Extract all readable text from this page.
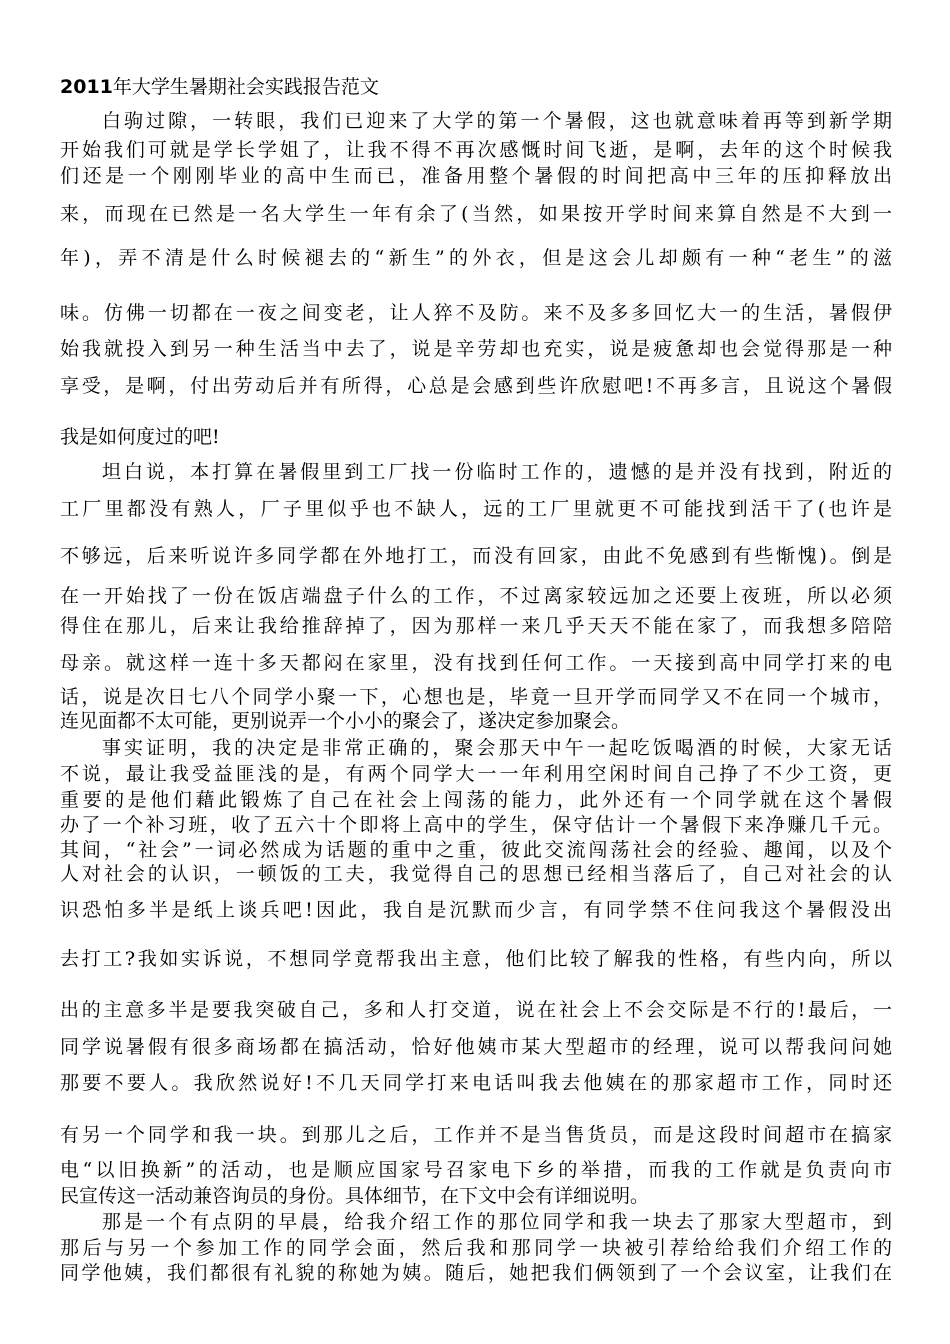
2011年大学生暑期社会实践报告范文
白驹过隙，一转眼，我们已迎来了大学的第一个暑假，这也就意味着再等到新学期
开始我们可就是学长学姐了，让我不得不再次感慨时间飞逝，是啊，去年的这个时候我
们还是一个刚刚毕业的高中生而已，准备用整个暑假的时间把高中三年的压抑释放出
来，而现在已然是一名大学生一年有余了(当然，如果按开学时间来算自然是不大到一
年)，弄不清是什么时候褪去的“新生”的外衣，但是这会儿却颇有一种“老生”的滋
味。仿佛一切都在一夜之间变老，让人猝不及防。来不及多多回忆大一的生活，暑假伊
始我就投入到另一种生活当中去了，说是辛劳却也充实，说是疲惫却也会觉得那是一种
享受，是啊，付出劳动后并有所得，心总是会感到些许欣慰吧!不再多言，且说这个暑假
我是如何度过的吧!
坦白说，本打算在暑假里到工厂找一份临时工作的，遗憾的是并没有找到，附近的
工厂里都没有熟人，厂子里似乎也不缺人，远的工厂里就更不可能找到活干了(也许是
不够远，后来听说许多同学都在外地打工，而没有回家，由此不免感到有些惭愧)。倒是
在一开始找了一份在饭店端盘子什么的工作，不过离家较远加之还要上夜班，所以必须
得住在那儿，后来让我给推辞掉了，因为那样一来几乎天天不能在家了，而我想多陪陪
母亲。就这样一连十多天都闷在家里，没有找到任何工作。一天接到高中同学打来的电
话，说是次日七八个同学小聚一下，心想也是，毕竟一旦开学而同学又不在同一个城市，
连见面都不太可能，更别说弄一个小小的聚会了，遂决定参加聚会。
事实证明，我的决定是非常正确的，聚会那天中午一起吃饭喝酒的时候，大家无话
不说，最让我受益匪浅的是，有两个同学大一一年利用空闲时间自己挣了不少工资，更
重要的是他们藉此锻炼了自己在社会上闯荡的能力，此外还有一个同学就在这个暑假
办了一个补习班，收了五六十个即将上高中的学生，保守估计一个暑假下来净赚几千元。
其间，“社会”一词必然成为话题的重中之重，彼此交流闯荡社会的经验、趣闻，以及个
人对社会的认识，一顿饭的工夫，我觉得自己的思想已经相当落后了，自己对社会的认
识恐怕多半是纸上谈兵吧!因此，我自是沉默而少言，有同学禁不住问我这个暑假没出
去打工?我如实诉说，不想同学竟帮我出主意，他们比较了解我的性格，有些内向，所以
出的主意多半是要我突破自己，多和人打交道，说在社会上不会交际是不行的!最后，一
同学说暑假有很多商场都在搞活动，恰好他姨市某大型超市的经理，说可以帮我问问她
那要不要人。我欣然说好!不几天同学打来电话叫我去他姨在的那家超市工作，同时还
有另一个同学和我一块。到那儿之后，工作并不是当售货员，而是这段时间超市在搞家
电“以旧换新”的活动，也是顺应国家号召家电下乡的举措，而我的工作就是负责向市
民宣传这一活动兼咨询员的身份。具体细节，在下文中会有详细说明。
那是一个有点阴的早晨，给我介绍工作的那位同学和我一块去了那家大型超市，到
那后与另一个参加工作的同学会面，然后我和那同学一块被引荐给给我们介绍工作的
同学他姨，我们都很有礼貌的称她为姨。随后，她把我们俩领到了一个会议室，让我们在
